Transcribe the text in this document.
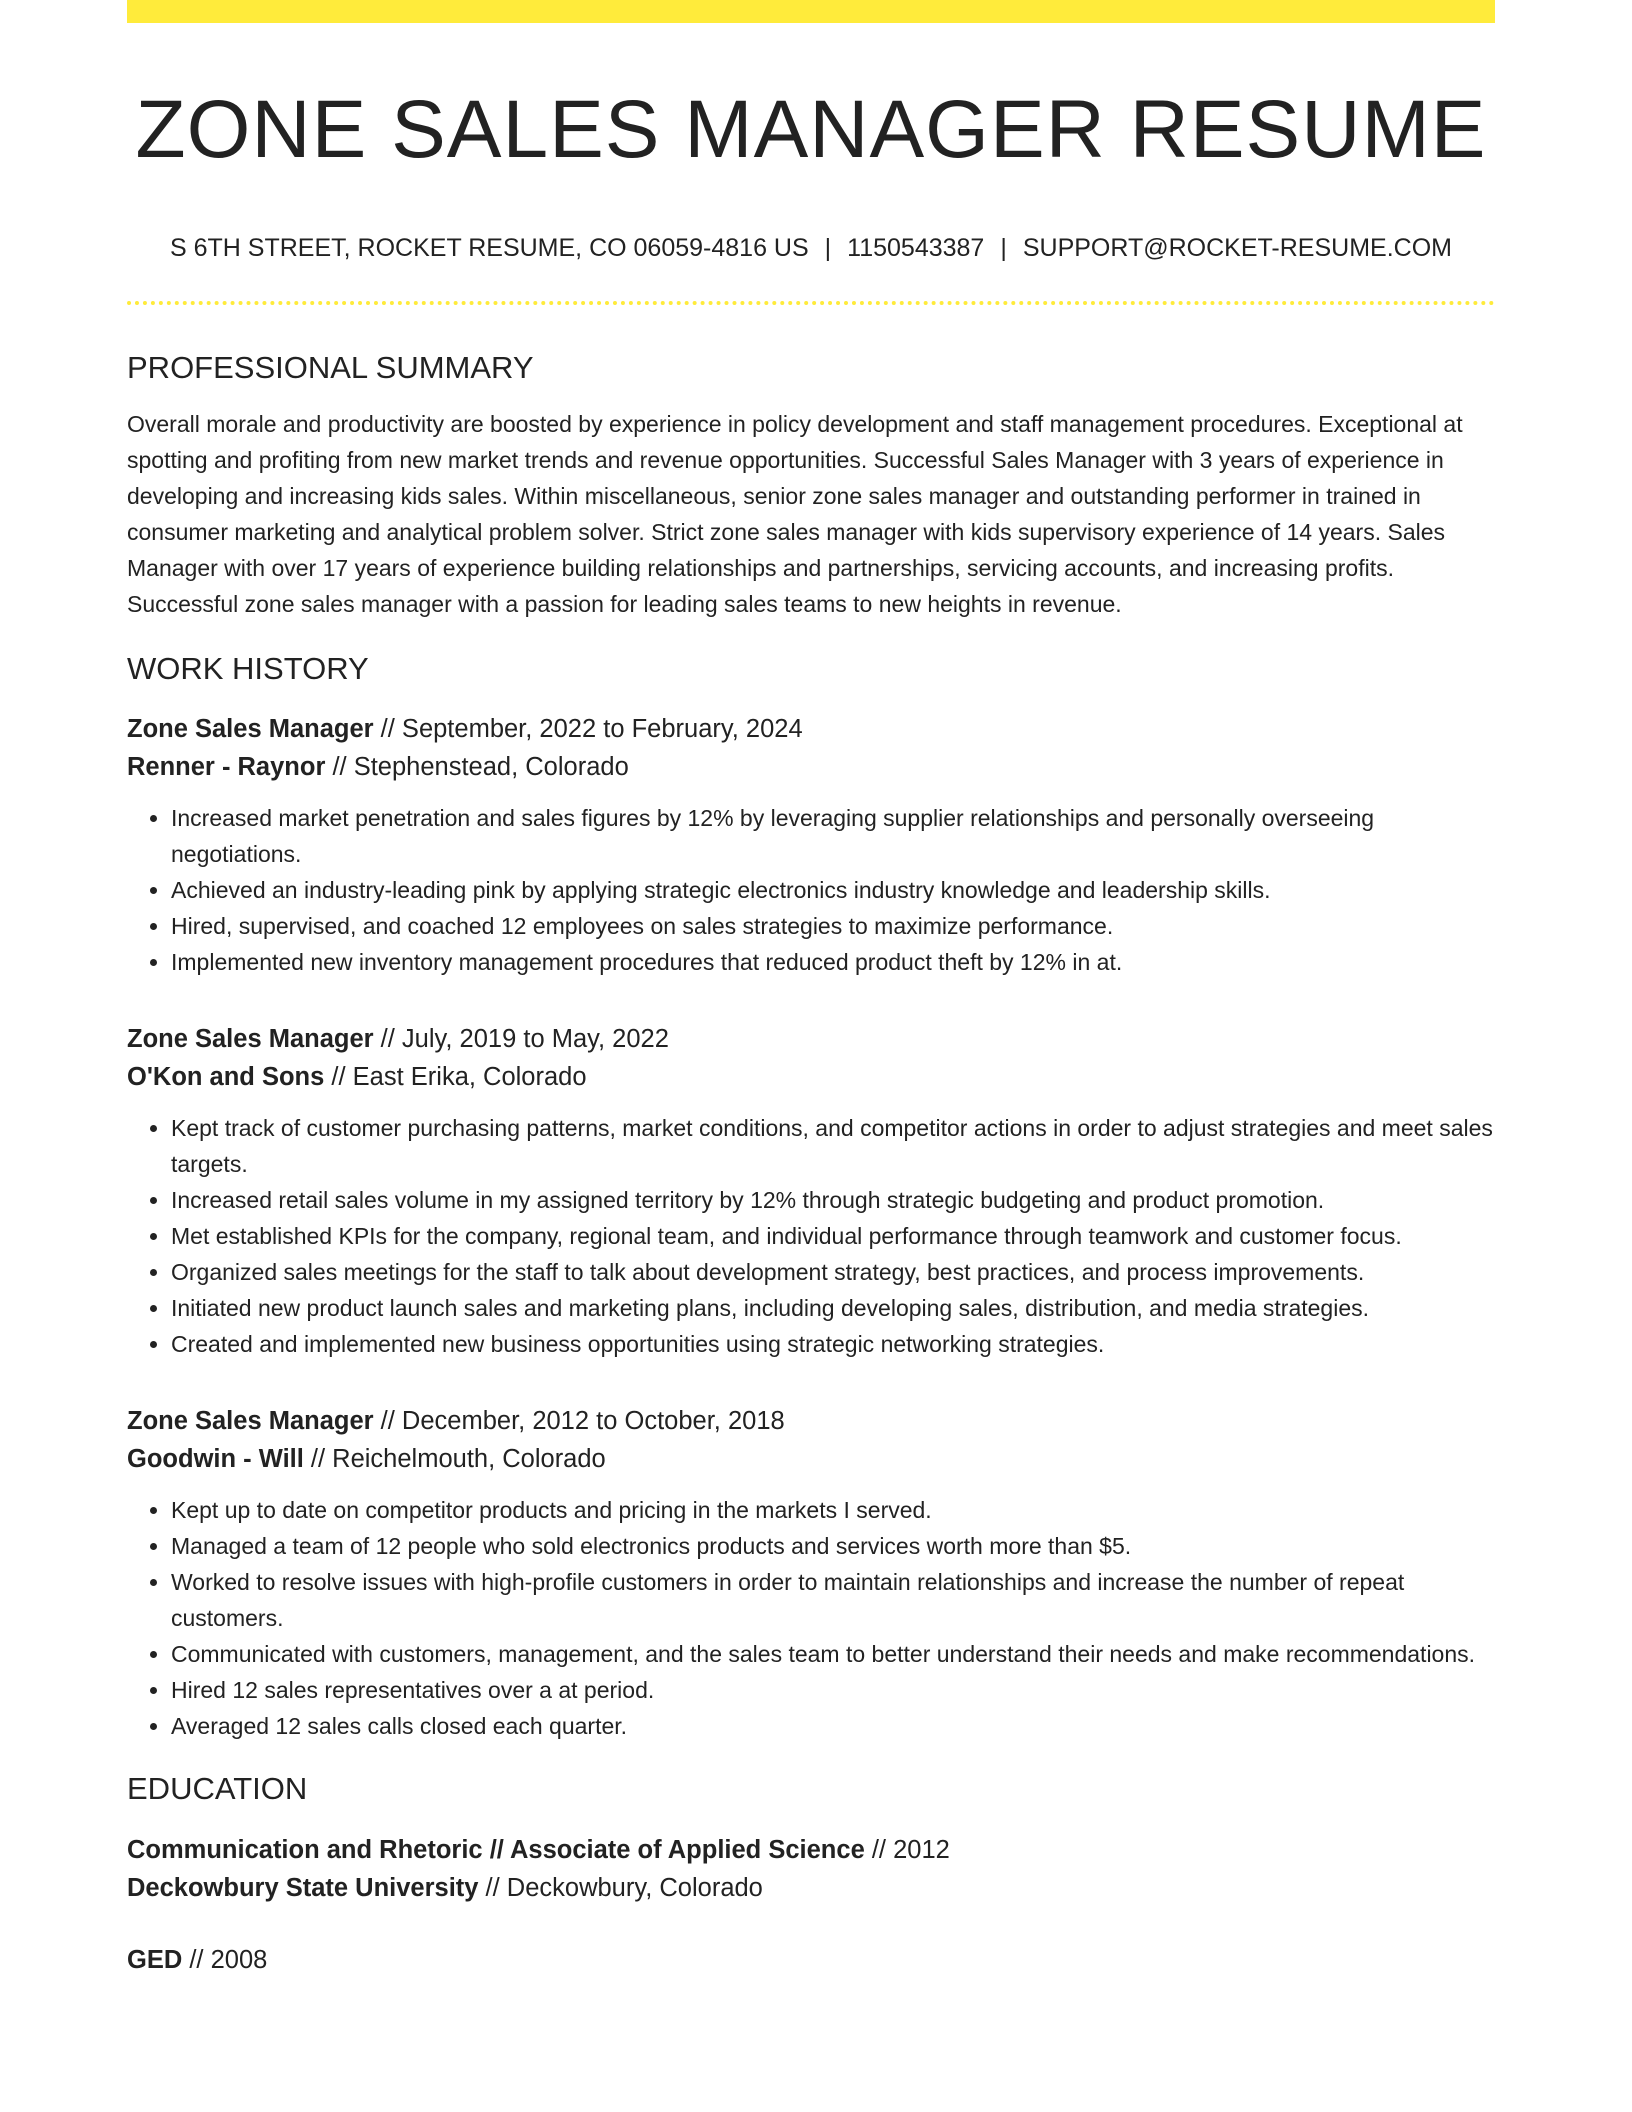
ZONE SALES MANAGER RESUME
S 6TH STREET, ROCKET RESUME, CO 06059-4816 US | 1150543387 | SUPPORT@ROCKET-RESUME.COM
PROFESSIONAL SUMMARY

Overall morale and productivity are boosted by experience in policy development and staff management procedures. Exceptional at spotting and profiting from new market trends and revenue opportunities. Successful Sales Manager with 3 years of experience in developing and increasing kids sales. Within miscellaneous, senior zone sales manager and outstanding performer in trained in consumer marketing and analytical problem solver. Strict zone sales manager with kids supervisory experience of 14 years. Sales Manager with over 17 years of experience building relationships and partnerships, servicing accounts, and increasing profits. Successful zone sales manager with a passion for leading sales teams to new heights in revenue.

WORK HISTORY
Zone Sales Manager // September, 2022 to February, 2024
Renner - Raynor // Stephenstead, Colorado
• Increased market penetration and sales figures by 12% by leveraging supplier relationships and personally overseeing negotiations.
• Achieved an industry-leading pink by applying strategic electronics industry knowledge and leadership skills.
• Hired, supervised, and coached 12 employees on sales strategies to maximize performance.
• Implemented new inventory management procedures that reduced product theft by 12% in at.
Zone Sales Manager // July, 2019 to May, 2022
O'Kon and Sons // East Erika, Colorado
• Kept track of customer purchasing patterns, market conditions, and competitor actions in order to adjust strategies and meet sales targets.
• Increased retail sales volume in my assigned territory by 12% through strategic budgeting and product promotion.
• Met established KPIs for the company, regional team, and individual performance through teamwork and customer focus.
• Organized sales meetings for the staff to talk about development strategy, best practices, and process improvements.
• Initiated new product launch sales and marketing plans, including developing sales, distribution, and media strategies.
• Created and implemented new business opportunities using strategic networking strategies.
Zone Sales Manager // December, 2012 to October, 2018
Goodwin - Will // Reichelmouth, Colorado
• Kept up to date on competitor products and pricing in the markets I served.
• Managed a team of 12 people who sold electronics products and services worth more than $5.
• Worked to resolve issues with high-profile customers in order to maintain relationships and increase the number of repeat customers.
• Communicated with customers, management, and the sales team to better understand their needs and make recommendations.
• Hired 12 sales representatives over a at period.
• Averaged 12 sales calls closed each quarter.
EDUCATION
Communication and Rhetoric // Associate of Applied Science // 2012
Deckowbury State University // Deckowbury, Colorado
GED // 2008
